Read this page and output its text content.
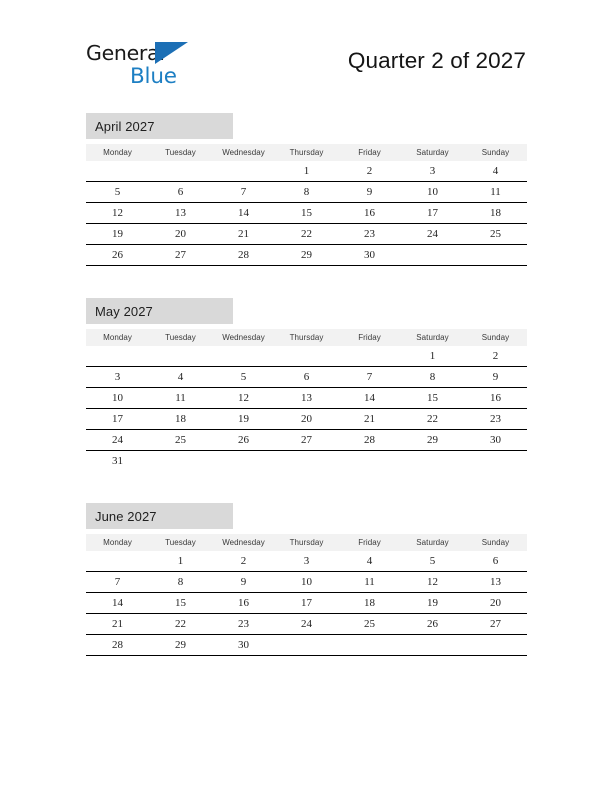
General
Blue
Quarter 2 of 2027
April 2027
Monday	Tuesday	Wednesday	Thursday	Friday	Saturday	Sunday
			1	2	3	4
5	6	7	8	9	10	11
12	13	14	15	16	17	18
19	20	21	22	23	24	25
26	27	28	29	30		
May 2027
Monday	Tuesday	Wednesday	Thursday	Friday	Saturday	Sunday
					1	2
3	4	5	6	7	8	9
10	11	12	13	14	15	16
17	18	19	20	21	22	23
24	25	26	27	28	29	30
31						
June 2027
Monday	Tuesday	Wednesday	Thursday	Friday	Saturday	Sunday
	1	2	3	4	5	6
7	8	9	10	11	12	13
14	15	16	17	18	19	20
21	22	23	24	25	26	27
28	29	30				
